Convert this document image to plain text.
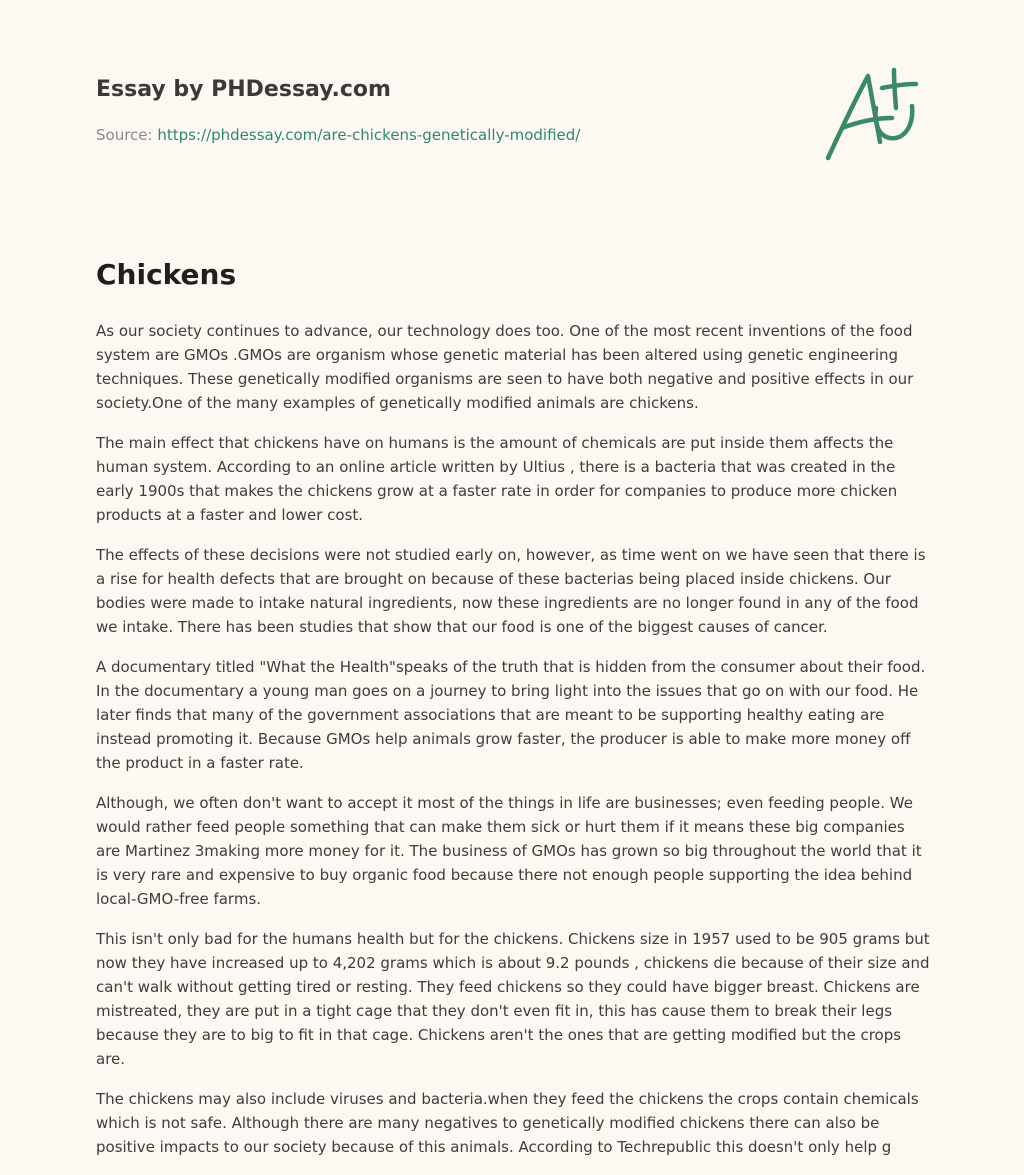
Essay by PHDessay.com
Source: https://phdessay.com/are-chickens-genetically-modified/
Chickens

As our society continues to advance, our technology does too. One of the most recent inventions of the food system are GMOs .GMOs are organism whose genetic material has been altered using genetic engineering techniques. These genetically modified organisms are seen to have both negative and positive effects in our society.One of the many examples of genetically modified animals are chickens.

The main effect that chickens have on humans is the amount of chemicals are put inside them affects the human system. According to an online article written by Ultius , there is a bacteria that was created in the early 1900s that makes the chickens grow at a faster rate in order for companies to produce more chicken products at a faster and lower cost.

The effects of these decisions were not studied early on, however, as time went on we have seen that there is a rise for health defects that are brought on because of these bacterias being placed inside chickens. Our bodies were made to intake natural ingredients, now these ingredients are no longer found in any of the food we intake. There has been studies that show that our food is one of the biggest causes of cancer.

A documentary titled "What the Health"speaks of the truth that is hidden from the consumer about their food. In the documentary a young man goes on a journey to bring light into the issues that go on with our food. He later finds that many of the government associations that are meant to be supporting healthy eating are instead promoting it. Because GMOs help animals grow faster, the producer is able to make more money off the product in a faster rate.

Although, we often don't want to accept it most of the things in life are businesses; even feeding people. We would rather feed people something that can make them sick or hurt them if it means these big companies are Martinez 3making more money for it. The business of GMOs has grown so big throughout the world that it is very rare and expensive to buy organic food because there not enough people supporting the idea behind local-GMO-free farms.

This isn't only bad for the humans health but for the chickens. Chickens size in 1957 used to be 905 grams but now they have increased up to 4,202 grams which is about 9.2 pounds , chickens die because of their size and can't walk without getting tired or resting. They feed chickens so they could have bigger breast. Chickens are mistreated, they are put in a tight cage that they don't even fit in, this has cause them to break their legs because they are to big to fit in that cage. Chickens aren't the ones that are getting modified but the crops are.

The chickens may also include viruses and bacteria.when they feed the chickens the crops contain chemicals which is not safe. Although there are many negatives to genetically modified chickens there can also be positive impacts to our society because of this animals. According to Techrepublic this doesn't only help g
